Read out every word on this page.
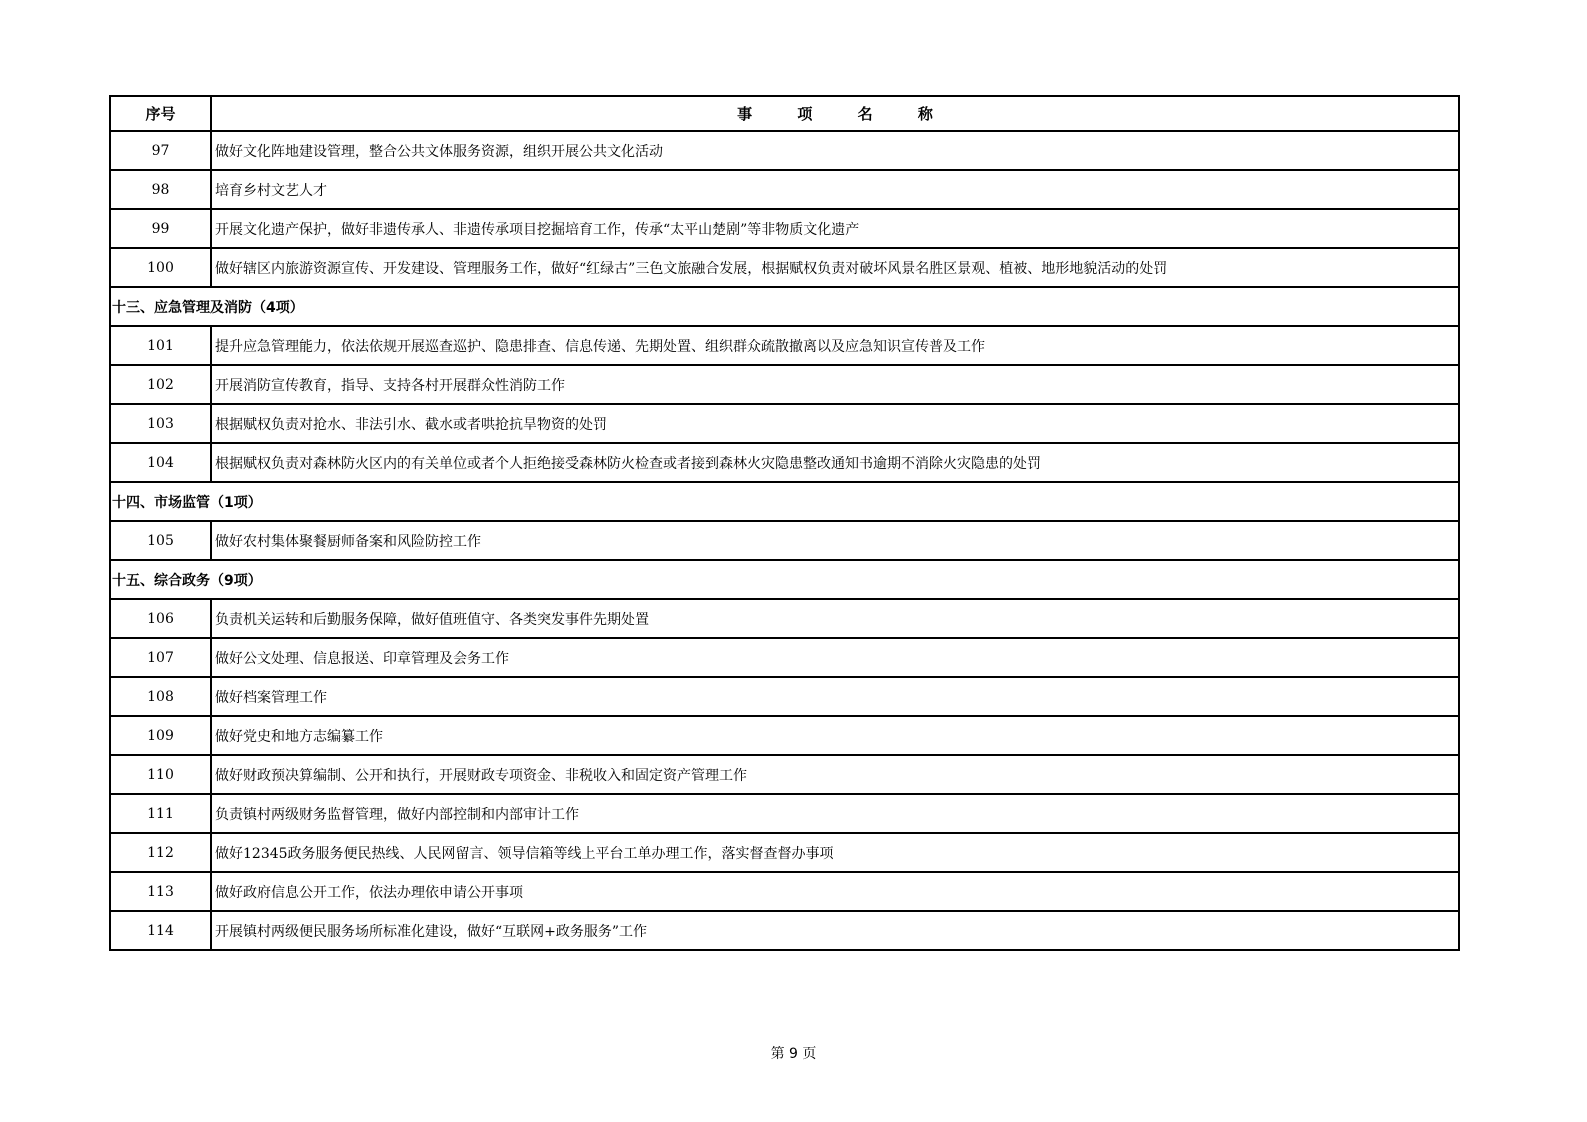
序号	事 项 名 称
97	做好文化阵地建设管理，整合公共文体服务资源，组织开展公共文化活动
98	培育乡村文艺人才
99	开展文化遗产保护，做好非遗传承人、非遗传承项目挖掘培育工作，传承“太平山楚剧”等非物质文化遗产
100	做好辖区内旅游资源宣传、开发建设、管理服务工作，做好“红绿古”三色文旅融合发展，根据赋权负责对破坏风景名胜区景观、植被、地形地貌活动的处罚
十三、应急管理及消防（4项）	
101	提升应急管理能力，依法依规开展巡查巡护、隐患排查、信息传递、先期处置、组织群众疏散撤离以及应急知识宣传普及工作
102	开展消防宣传教育，指导、支持各村开展群众性消防工作
103	根据赋权负责对抢水、非法引水、截水或者哄抢抗旱物资的处罚
104	根据赋权负责对森林防火区内的有关单位或者个人拒绝接受森林防火检查或者接到森林火灾隐患整改通知书逾期不消除火灾隐患的处罚
十四、市场监管（1项）	
105	做好农村集体聚餐厨师备案和风险防控工作
十五、综合政务（9项）	
106	负责机关运转和后勤服务保障，做好值班值守、各类突发事件先期处置
107	做好公文处理、信息报送、印章管理及会务工作
108	做好档案管理工作
109	做好党史和地方志编纂工作
110	做好财政预决算编制、公开和执行，开展财政专项资金、非税收入和固定资产管理工作
111	负责镇村两级财务监督管理，做好内部控制和内部审计工作
112	做好12345政务服务便民热线、人民网留言、领导信箱等线上平台工单办理工作，落实督查督办事项
113	做好政府信息公开工作，依法办理依申请公开事项
114	开展镇村两级便民服务场所标准化建设，做好“互联网+政务服务”工作
第 9 页
